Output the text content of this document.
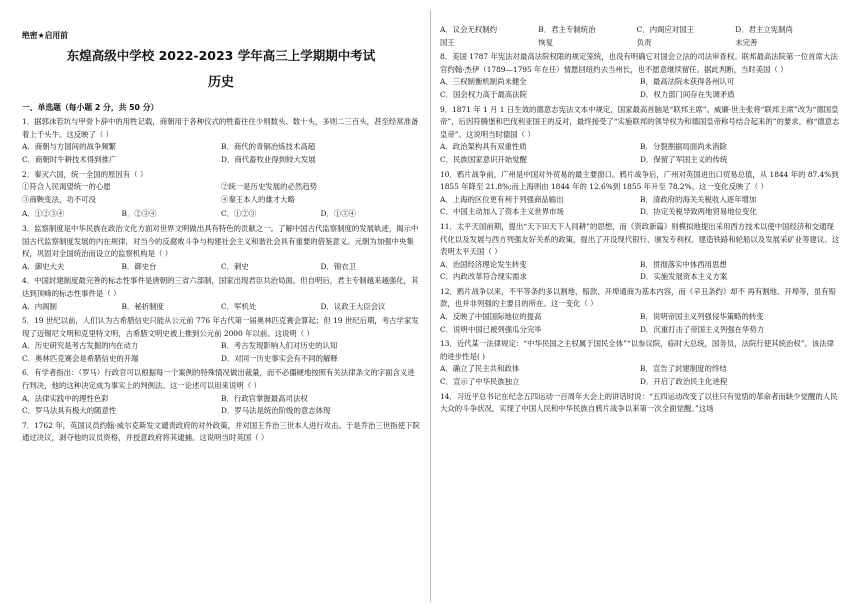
绝密★启用前
东煌高级中学校 2022-2023 学年高三上学期期中考试
历史
一、单选题（每小题 2 分，共 50 分）
1．据郭沫若坑与甲骨卜辞中的用牲记载，商朝用于各种仪式的牲畜往往少则数头、数十头，多则二三百头，甚至经常准备着上千头牛。这反映了（ ）
A．商朝与方国间的战争频繁	B．商代的青铜冶炼技术高超
C．商朝时牛耕技术得到推广	D．商代畜牧业得到较大发展
2．秦灭六国，统一全国的原因有（ ）
①符合人民渴望统一的心愿	②统一是历史发展的必然趋势
③商鞅变法，功不可没	④秦王本人的雄才大略
A．①②③④	B．②③④	C．①②③	D．①③④
3．监察制度是中华民族在政治文化方面对世界文明做出具有特色的贡献之一。了解中国古代监察制度的发展轨迹，揭示中国古代监察制度发展的内在规律，对当今的反腐败斗争与构建社会主义和谐社会具有重要的借鉴意义。元朝为加强中央集权，巩固对全国统治而设立的监察机构是（ ）
A．御史大夫	B．御史台	C．刺史	D．锦衣卫
4．中国封建制度最完善的标志性事件是唐朝的三省六部制，国家出现君臣共治局面。但自明后，君主专制越来越强化，其达到顶峰的标志性事件是（ ）
A．内阁制	B．秘折制度	C．军机处	D．议政王大臣会议
5．19 世纪以前，人们认为古希腊信史只能从公元前 776 年古代第一届奥林匹克赛会算起；但 19 世纪后期，考古学家发现了迈锡尼文明和克里特文明，古希腊文明史被上推到公元前 2000 年以前。这说明（ ）
A．历史研究是考古发掘的内在动力	B．考古发现影响人们对历史的认知
C．奥林匹克赛会是希腊信史的开端	D．对同一历史事实会有不同的解释
6．有学者指出：（罗马）行政官可以根据每一个案例的特殊情况做出裁量，而不必僵硬地按照有关法律条文的字面含义进行判决，他的这种决定成为事实上的判例法。这一论述可以用来说明（ ）
A．法律实践中的理性色彩	B．行政官掌握最高司法权
C．罗马法具有极大的随意性	D．罗马法是统治阶级的意志体现
7．1762 年，英国议员约翰·威尔克斯发文谴责政府的对外政策，并对国王乔治三世本人进行攻击。于是乔治三世指使下院通过决议，剥夺他的议员资格，并授意政府将其逮捕。这说明当时英国（ ）
A．议会无权制约国王
B．君主专制统治恢复
C．内阁应对国王负责
D．君主立宪制尚未完善
8．美国 1787 年宪法对最高法院权限的规定笼统，也没有明确它对国会立法的司法审查权。联邦最高法院第一位首席大法官约翰·杰伊（1789—1795 年在任）情愿回纽约去当州长，也不愿意继续留任。据此判断，当时美国（ ）
A．三权制衡机制尚未健全	B．最高法院未获得各州认可
C．国会权力高于最高法院	D．权力部门间存在失调矛盾
9．1871 年 1 月 1 日生效的德意志宪法文本中规定，国家最高首脑是“联邦主席”。威廉·世主张将“联邦主席”改为“德国皇帝”，后因符腾堡和巴伐利亚国王的反对，最终接受了“实施联邦的领导权为和德国皇帝称号结合起来的”的要求，称“德意志皇帝”。这说明当时德国（ ）
A．政治架构具有双重性质	B．分裂割据局面尚未消除
C．民族国家意识开始觉醒	D．保留了军国主义的传统
10．鸦片战争前，广州是中国对外贸易的最主要窗口。鸦片战争后，广州对英国进出口贸易总值，从 1844 年的 87.4%到 1855 年降至 21.8%;而上海则由 1844 年的 12.6%到 1855 年升至 78.2%。这一变化反映了（ ）
A．上海的区位更有利于列强商品输出	B．清政府的海关关税收入逐年增加
C．中国主动加入了资本主义世界市场	D．协定关税导致两地贸易地位变化
11．太平天国前期，提出“天下田天下人同耕”的思想，而《资政新篇》则模拟地提出采用西方技术以使中国经济和交通现代化以及发展与西方列强友好关系的政策，提出了开设现代银行、颁发专利权、建造铁路和轮船以及发展采矿业等建议。这表明太平天国（ ）
A．治国经济理论发生转变	B．贯彻落实中体西用思想
C．内政改革符合现实需求	D．实施发展资本主义方案
12．鸦片战争以来，不平等条约多以割地、赔款、开埠通商为基本内容，而《辛丑条约》却不 再有割地、开埠等，虽有赔款，也并非列强的主要目的所在。这一变化（ ）
A．反映了中国国际地位的提高	B．说明帝国主义列强侵华策略的转变
C．说明中国已被列强瓜分完毕	D．沉重打击了帝国主义列强在华势力
13．近代某一法律规定：“中华民国之主权属于国民全体”“以参议院，临时大总统，国务员，法院行使其统治权”。该法律的进步性是( )
A．确立了民主共和政体	B．宣告了封建制度的终结
C．宣示了中华民族独立	D．开启了政治民主化进程
14．习近平总书记在纪念五四运动一百周年大会上的讲话时说：“五四运动改变了以往只有觉悟的革命者而缺少觉醒的人民大众的斗争状况，实现了中国人民和中华民族自鸦片战争以来第一次全面觉醒。”这场
